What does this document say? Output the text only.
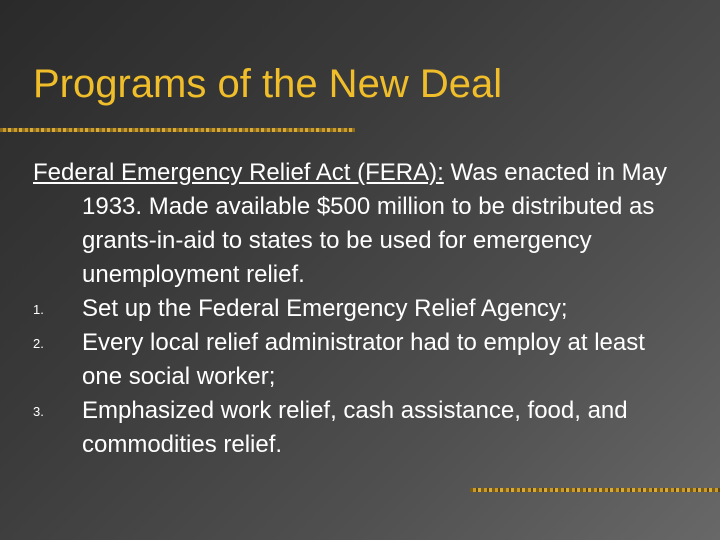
Programs of the New Deal

Federal Emergency Relief Act (FERA): Was enacted in May 1933. Made available $500 million to be distributed as grants-in-aid to states to be used for emergency unemployment relief.

1. Set up the Federal Emergency Relief Agency;
2. Every local relief administrator had to employ at least one social worker;
3. Emphasized work relief, cash assistance, food, and commodities relief.
